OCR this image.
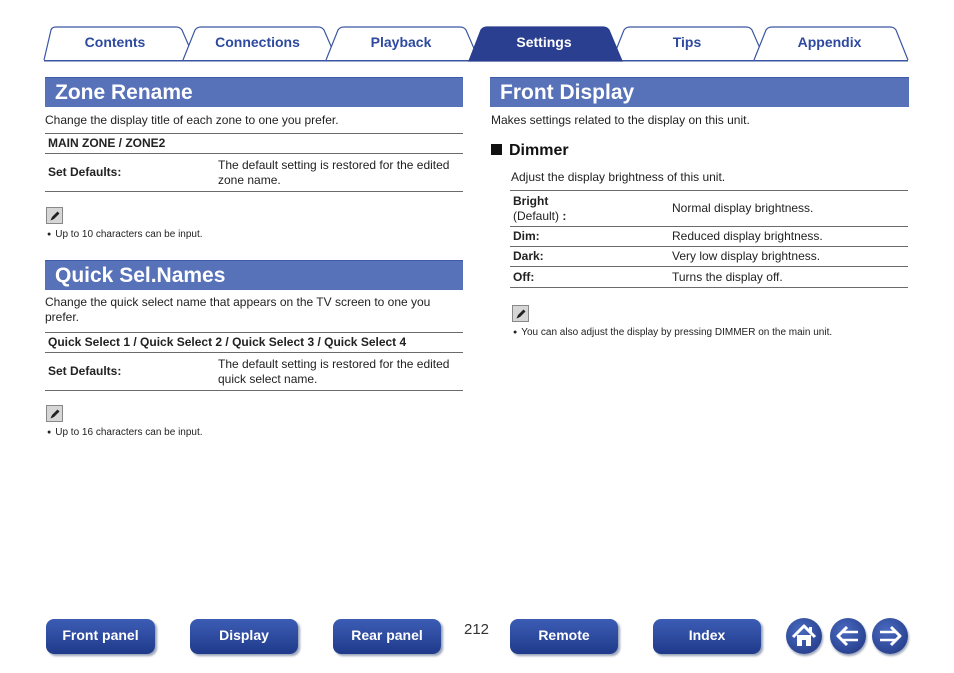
Contents	Connections	Playback	Settings	Tips	Appendix
Zone Rename
Change the display title of each zone to one you prefer.
MAIN ZONE / ZONE2
Set Defaults:	
The default setting is restored for the edited
zone name.
● Up to 10 characters can be input.
Quick Sel.Names
Change the quick select name that appears on the TV screen to one you
prefer.
Quick Select 1 / Quick Select 2 / Quick Select 3 / Quick Select 4
Set Defaults:	
The default setting is restored for the edited
quick select name.
● Up to 16 characters can be input.
Front Display
Makes settings related to the display on this unit.
Dimmer
Adjust the display brightness of this unit.
Bright
(Default) :	Normal display brightness.
Dim:	Reduced display brightness.
Dark:	Very low display brightness.
Off:	Turns the display off.
● You can also adjust the display by pressing DIMMER on the main unit.
Front panel	Display	Rear panel	212	Remote	Index
